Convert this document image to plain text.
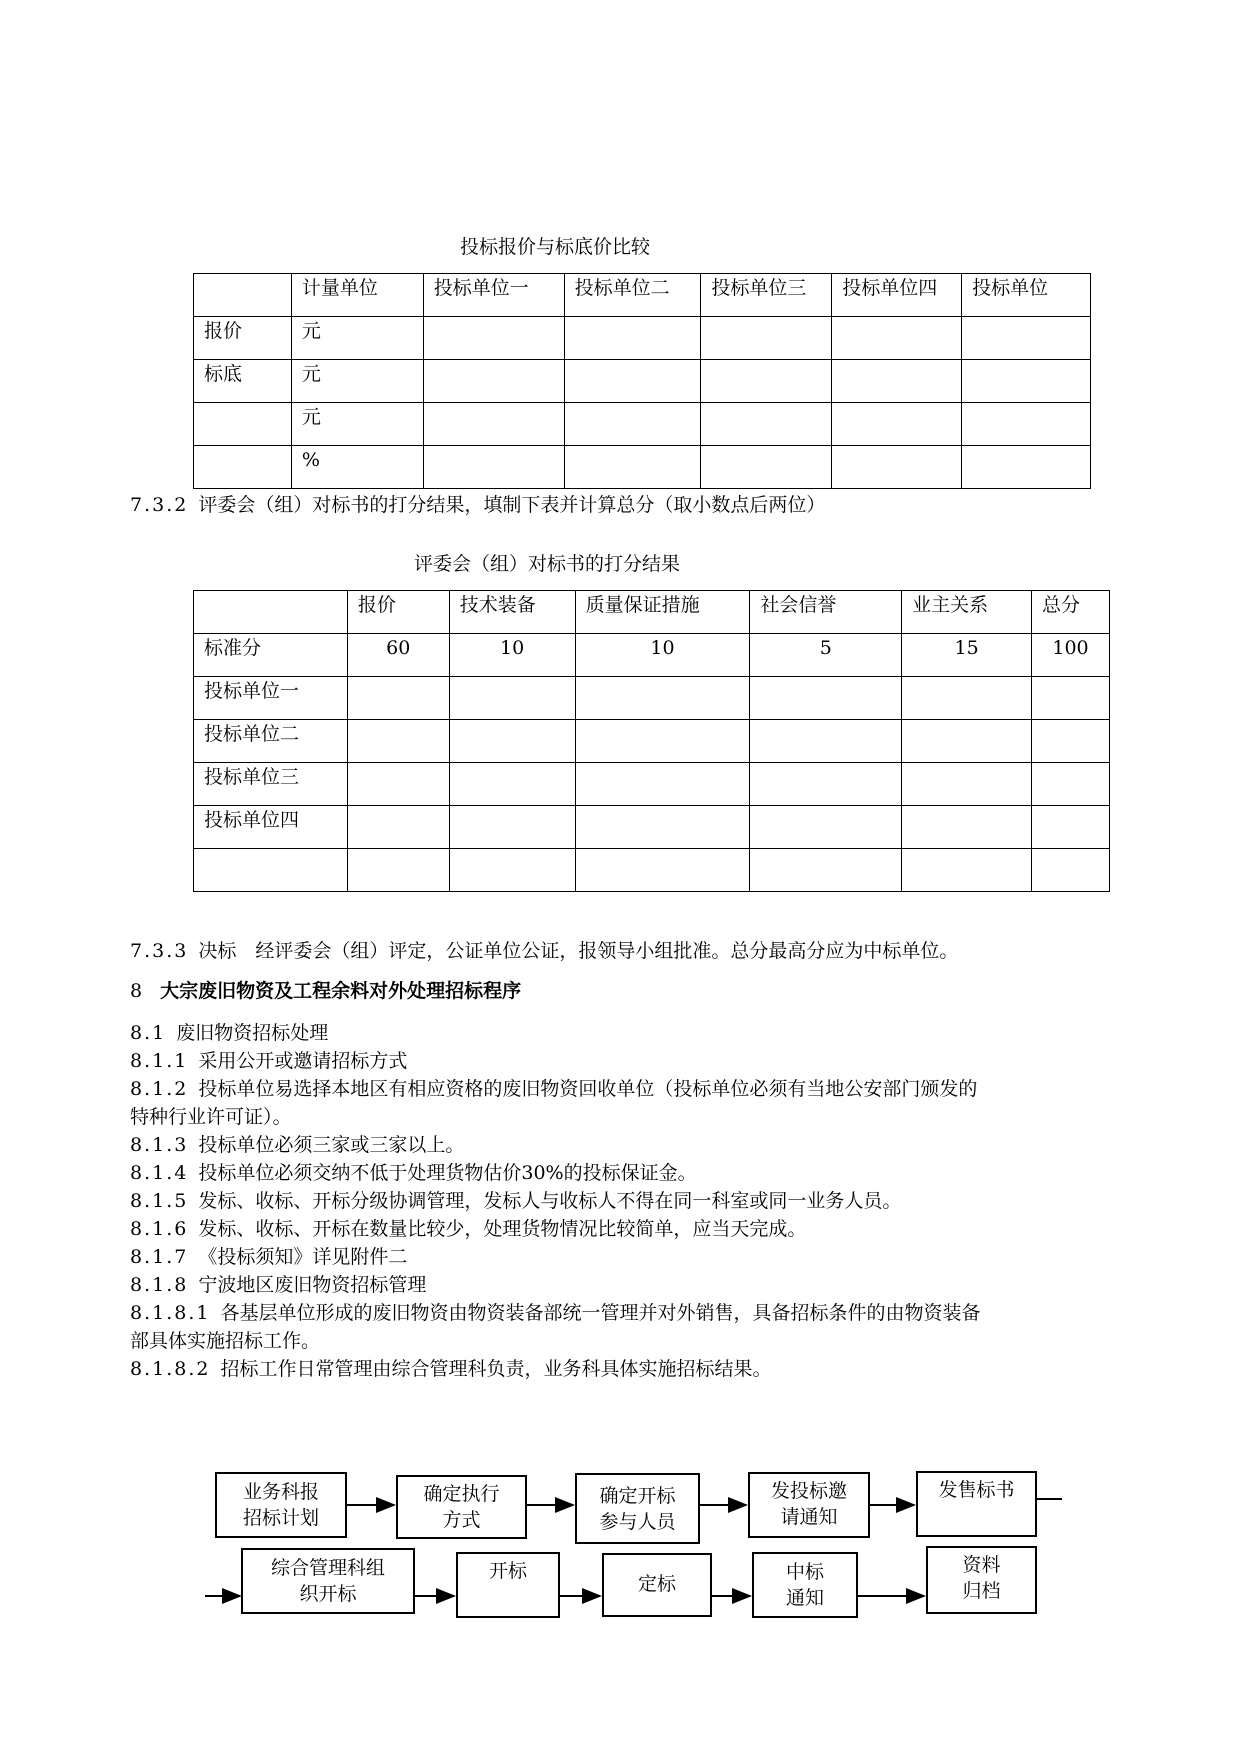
投标报价与标底价比较
	计量单位	投标单位一	投标单位二	投标单位三	投标单位四	投标单位
报价	元					
标底	元					
	元					
	%					
7.3.2 评委会（组）对标书的打分结果，填制下表并计算总分（取小数点后两位）
评委会（组）对标书的打分结果
	报价	技术装备	质量保证措施	社会信誉	业主关系	总分
标准分	60	10	10	5	15	100
投标单位一						
投标单位二						
投标单位三						
投标单位四						

7.3.3 决标　经评委会（组）评定，公证单位公证，报领导小组批准。总分最高分应为中标单位。
8 大宗废旧物资及工程余料对外处理招标程序
8.1 废旧物资招标处理
8.1.1 采用公开或邀请招标方式
8.1.2 投标单位易选择本地区有相应资格的废旧物资回收单位（投标单位必须有当地公安部门颁发的
特种行业许可证）。
8.1.3 投标单位必须三家或三家以上。
8.1.4 投标单位必须交纳不低于处理货物估价30%的投标保证金。
8.1.5 发标、收标、开标分级协调管理，发标人与收标人不得在同一科室或同一业务人员。
8.1.6 发标、收标、开标在数量比较少，处理货物情况比较简单，应当天完成。
8.1.7 《投标须知》详见附件二
8.1.8 宁波地区废旧物资招标管理
8.1.8.1 各基层单位形成的废旧物资由物资装备部统一管理并对外销售，具备招标条件的由物资装备
部具体实施招标工作。
8.1.8.2 招标工作日常管理由综合管理科负责，业务科具体实施招标结果。
业务科报
招标计划
确定执行
方式
确定开标
参与人员
发投标邀
请通知
发售标书
综合管理科组
织开标
开标
定标
中标
通知
资料
归档
